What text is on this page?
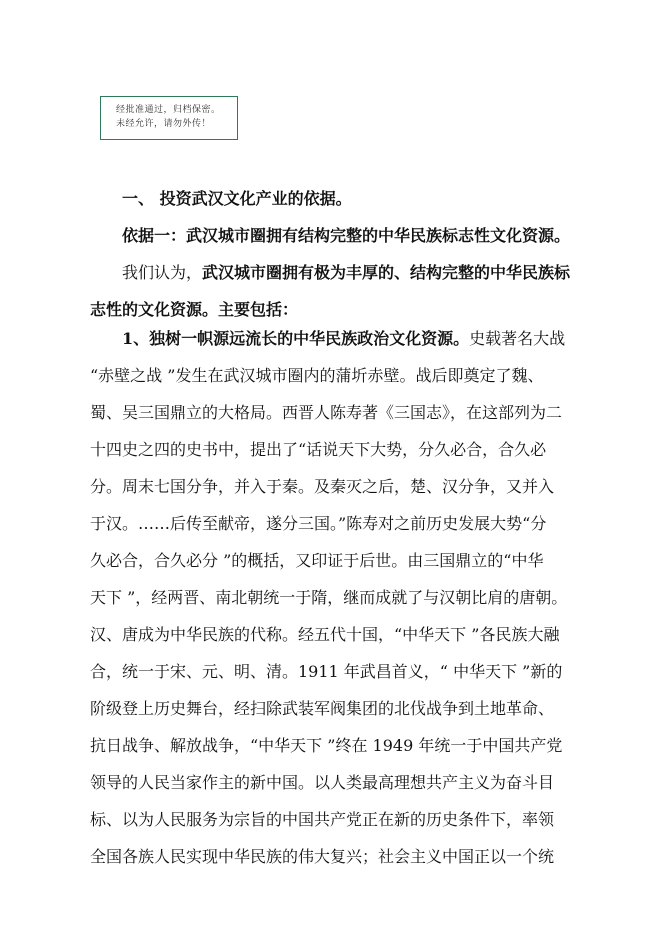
经批准通过，归档保密。
未经允许，请勿外传！
一、 投资武汉文化产业的依据。
依据一：武汉城市圈拥有结构完整的中华民族标志性文化资源。
我们认为，武汉城市圈拥有极为丰厚的、结构完整的中华民族标
志性的文化资源。主要包括：
1、独树一帜源远流长的中华民族政治文化资源。史载著名大战
“赤壁之战 ”发生在武汉城市圈内的蒲圻赤壁。战后即奠定了魏、
蜀、吴三国鼎立的大格局。西晋人陈寿著《三国志》，在这部列为二
十四史之四的史书中，提出了“话说天下大势，分久必合，合久必
分。周末七国分争，并入于秦。及秦灭之后，楚、汉分争，又并入
于汉。……后传至献帝，遂分三国。”陈寿对之前历史发展大势“分
久必合，合久必分 ”的概括，又印证于后世。由三国鼎立的“中华
天下 ”，经两晋、南北朝统一于隋，继而成就了与汉朝比肩的唐朝。
汉、唐成为中华民族的代称。经五代十国，“中华天下 ”各民族大融
合，统一于宋、元、明、清。1911 年武昌首义，“ 中华天下 ”新的
阶级登上历史舞台，经扫除武装军阀集团的北伐战争到土地革命、
抗日战争、解放战争，“中华天下 ”终在 1949 年统一于中国共产党
领导的人民当家作主的新中国。以人类最高理想共产主义为奋斗目
标、以为人民服务为宗旨的中国共产党正在新的历史条件下，率领
全国各族人民实现中华民族的伟大复兴；社会主义中国正以一个统
